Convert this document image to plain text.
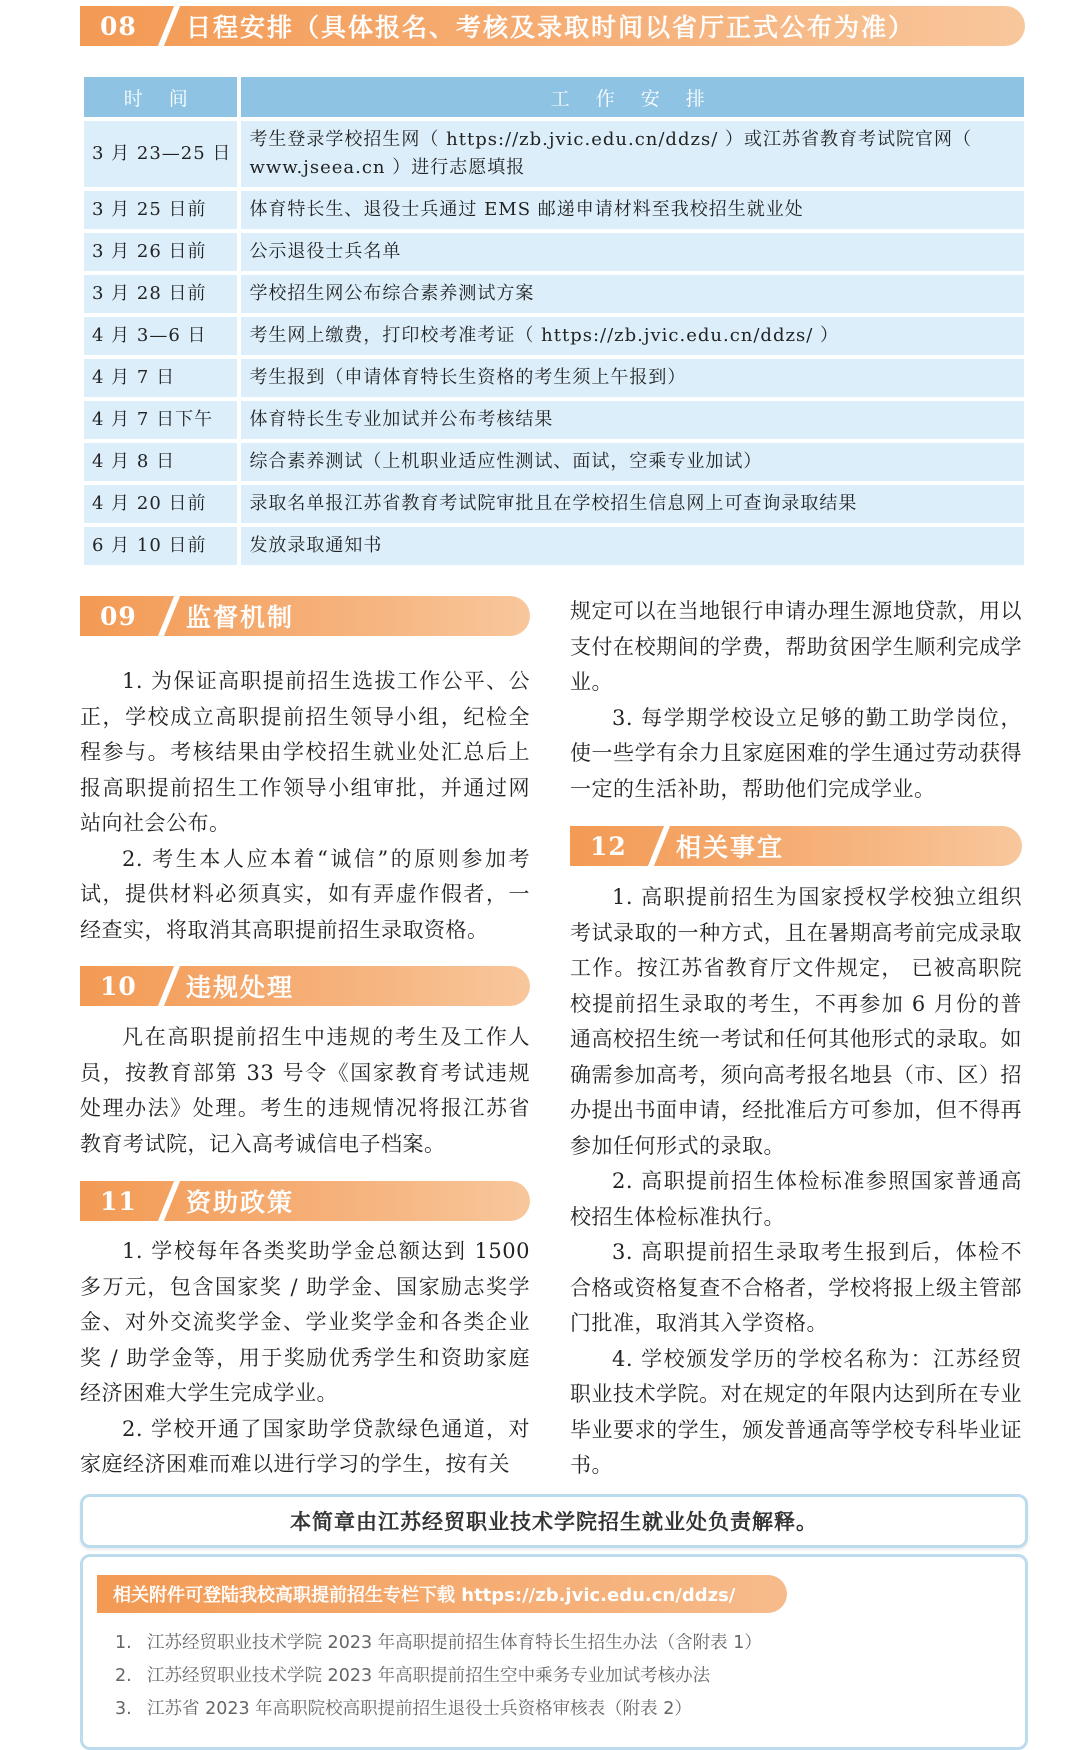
08	日程安排（具体报名、考核及录取时间以省厅正式公布为准）
时 间	工 作 安 排
3 月 23—25 日	考生登录学校招生网（ https://zb.jvic.edu.cn/ddzs/ ）或江苏省教育考试院官网（ www.jseea.cn ）进行志愿填报
3 月 25 日前	体育特长生、退役士兵通过 EMS 邮递申请材料至我校招生就业处
3 月 26 日前	公示退役士兵名单
3 月 28 日前	学校招生网公布综合素养测试方案
4 月 3—6 日	考生网上缴费，打印校考准考证（ https://zb.jvic.edu.cn/ddzs/ ）
4 月 7 日	考生报到（申请体育特长生资格的考生须上午报到）
4 月 7 日下午	体育特长生专业加试并公布考核结果
4 月 8 日	综合素养测试（上机职业适应性测试、面试，空乘专业加试）
4 月 20 日前	录取名单报江苏省教育考试院审批且在学校招生信息网上可查询录取结果
6 月 10 日前	发放录取通知书
09	监督机制

1. 为保证高职提前招生选拔工作公平、公正，学校成立高职提前招生领导小组，纪检全程参与。考核结果由学校招生就业处汇总后上报高职提前招生工作领导小组审批，并通过网站向社会公布。

2. 考生本人应本着“诚信”的原则参加考试，提供材料必须真实，如有弄虚作假者，一经查实，将取消其高职提前招生录取资格。

10	违规处理

凡在高职提前招生中违规的考生及工作人员，按教育部第 33 号令《国家教育考试违规处理办法》处理。考生的违规情况将报江苏省教育考试院，记入高考诚信电子档案。

11	资助政策

1. 学校每年各类奖助学金总额达到 1500 多万元，包含国家奖 / 助学金、国家励志奖学金、对外交流奖学金、学业奖学金和各类企业奖 / 助学金等，用于奖励优秀学生和资助家庭经济困难大学生完成学业。

2. 学校开通了国家助学贷款绿色通道，对家庭经济困难而难以进行学习的学生，按有关

规定可以在当地银行申请办理生源地贷款，用以支付在校期间的学费，帮助贫困学生顺利完成学业。

3. 每学期学校设立足够的勤工助学岗位，使一些学有余力且家庭困难的学生通过劳动获得一定的生活补助，帮助他们完成学业。

12	相关事宜

1. 高职提前招生为国家授权学校独立组织考试录取的一种方式，且在暑期高考前完成录取工作。按江苏省教育厅文件规定， 已被高职院校提前招生录取的考生，不再参加 6 月份的普通高校招生统一考试和任何其他形式的录取。如确需参加高考，须向高考报名地县（市、区）招办提出书面申请，经批准后方可参加，但不得再参加任何形式的录取。

2. 高职提前招生体检标准参照国家普通高校招生体检标准执行。

3. 高职提前招生录取考生报到后，体检不合格或资格复查不合格者，学校将报上级主管部门批准，取消其入学资格。

4. 学校颁发学历的学校名称为：江苏经贸职业技术学院。对在规定的年限内达到所在专业毕业要求的学生，颁发普通高等学校专科毕业证书。

本简章由江苏经贸职业技术学院招生就业处负责解释。
相关附件可登陆我校高职提前招生专栏下载 https://zb.jvic.edu.cn/ddzs/
1. 江苏经贸职业技术学院 2023 年高职提前招生体育特长生招生办法（含附表 1）
2. 江苏经贸职业技术学院 2023 年高职提前招生空中乘务专业加试考核办法
3. 江苏省 2023 年高职院校高职提前招生退役士兵资格审核表（附表 2）
